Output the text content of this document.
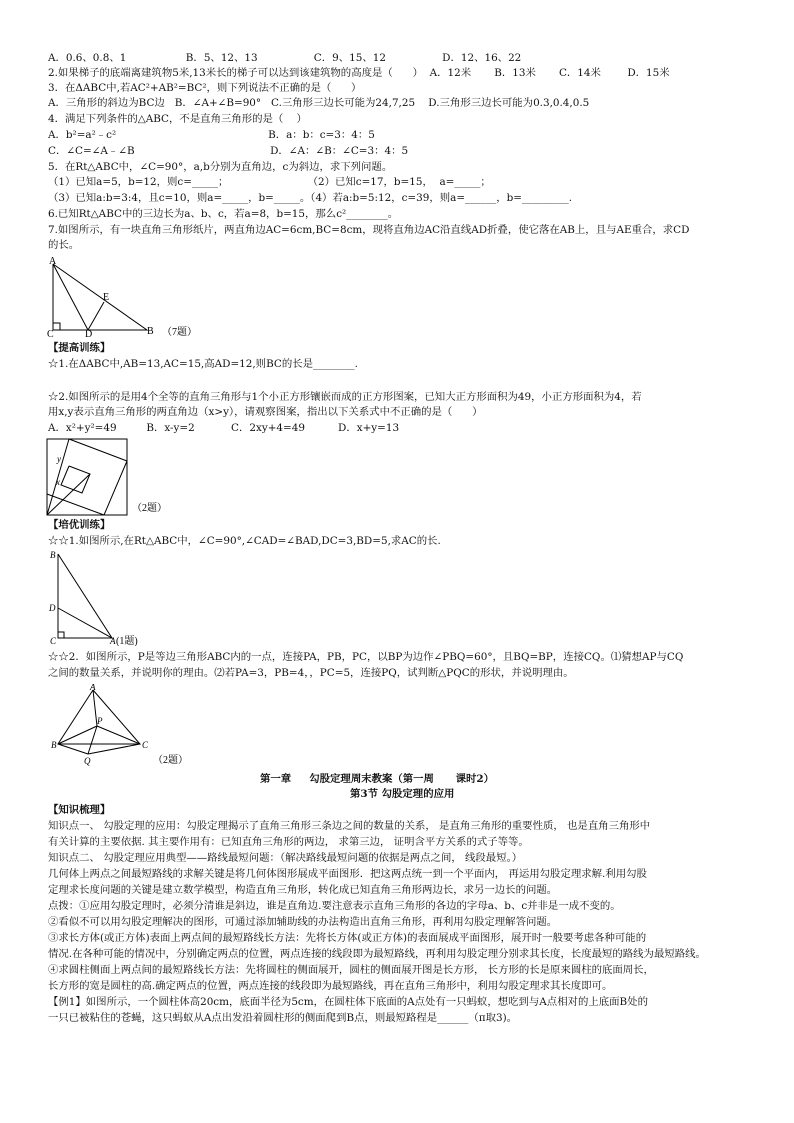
A．0.6、0.8、1                  B．5、12、13                 C．9、15、12                 D．12、16、22
2.如果梯子的底端离建筑物5米,13米长的梯子可以达到该建筑物的高度是（      ）  A．12米       B．13米       C．14米        D．15米
3．在ΔABC中,若AC²+AB²=BC²，则下列说法不正确的是（      ）
A．三角形的斜边为BC边   B．∠A+∠B=90°   C.三角形三边长可能为24,7,25    D.三角形三边长可能为0.3,0.4,0.5
4．满足下列条件的△ABC，不是直角三角形的是（    ）
A．b²=a²﹣c²                                              B．a：b：c=3：4：5
C．∠C=∠A﹣∠B                                         D．∠A：∠B：∠C=3：4：5
5．在Rt△ABC中，∠C=90°，a,b分别为直角边，c为斜边，求下列问题。
（1）已知a=5，b=12，则c=_____；                        （2）已知c=17，b=15，  a=_____；
（3）已知a:b=3:4，且c=10，则a=_____，b=_____。（4）若a:b=5:12，c=39，则a=______，b=_________.
6.已知Rt△ABC中的三边长为a、b、c，若a=8，b=15，那么c²________。
7.如图所示，有一块直角三角形纸片，两直角边AC=6cm,BC=8cm，现将直角边AC沿直线AD折叠，使它落在AB上，且与AE重合，求CD
的长。
A
E
C	D	B （7题）
【提高训练】
☆1.在ΔABC中,AB=13,AC=15,高AD=12,则BC的长是________.
☆2.如图所示的是用4个全等的直角三角形与1个小正方形镶嵌而成的正方形图案，已知大正方形面积为49，小正方形面积为4，若
用x,y表示直角三角形的两直角边（x>y），请观察图案，指出以下关系式中不正确的是（      ）
A．x²+y²=49         B．x-y=2           C．2xy+4=49          D．x+y=13
y
x
（2题）
【培优训练】
☆☆1.如图所示,在Rt△ABC中，∠C=90°,∠CAD=∠BAD,DC=3,BD=5,求AC的长.
B
D
C	A (1题)
☆☆2．如图所示，P是等边三角形ABC内的一点，连接PA，PB，PC，以BP为边作∠PBQ=60°，且BQ=BP，连接CQ。⑴猜想AP与CQ
之间的数量关系，并说明你的理由。⑵若PA=3，PB=4，，PC=5，连接PQ，试判断△PQC的形状，并说明理由。
A
P
B	C
Q	（2题）
第一章     勾股定理周末教案（第一周      课时2）
第3节 勾股定理的应用
【知识梳理】
知识点一、 勾股定理的应用：勾股定理揭示了直角三角形三条边之间的数量的关系， 是直角三角形的重要性质， 也是直角三角形中
有关计算的主要依据. 其主要作用有：已知直角三角形的两边， 求第三边， 证明含平方关系的式子等等。
知识点二、 勾股定理应用典型——路线最短问题：（解决路线最短问题的依据是两点之间， 线段最短。）
几何体上两点之间最短路线的求解关键是将几何体图形展成平面图形．把这两点统一到一个平面内， 再运用勾股定理求解.利用勾股
定理求长度问题的关键是建立数学模型，构造直角三角形，转化成已知直角三角形两边长，求另一边长的问题。
点拨：①应用勾股定理时，必须分清谁是斜边，谁是直角边.要注意表示直角三角形的各边的字母a、b、c并非是一成不变的。
②看似不可以用勾股定理解决的图形，可通过添加辅助线的办法构造出直角三角形，再利用勾股定理解答问题。
③求长方体(或正方体)表面上两点间的最短路线长方法：先将长方体(或正方体)的表面展成平面图形，展开时一般要考虑各种可能的
情况.在各种可能的情况中，分别确定两点的位置，两点连接的线段即为最短路线，再利用勾股定理分别求其长度，长度最短的路线为最短路线。
④求圆柱侧面上两点间的最短路线长方法：先将圆柱的侧面展开，圆柱的侧面展开图是长方形， 长方形的长是原来圆柱的底面周长，
长方形的宽是圆柱的高.确定两点的位置，两点连接的线段即为最短路线，再在直角三角形中，利用勾股定理求其长度即可。
【例1】如图所示，一个圆柱体高20cm，底面半径为5cm，在圆柱体下底面的A点处有一只蚂蚁，想吃到与A点相对的上底面B处的
一只已被粘住的苍蝇，这只蚂蚁从A点出发沿着圆柱形的侧面爬到B点，则最短路程是______（π取3)。
